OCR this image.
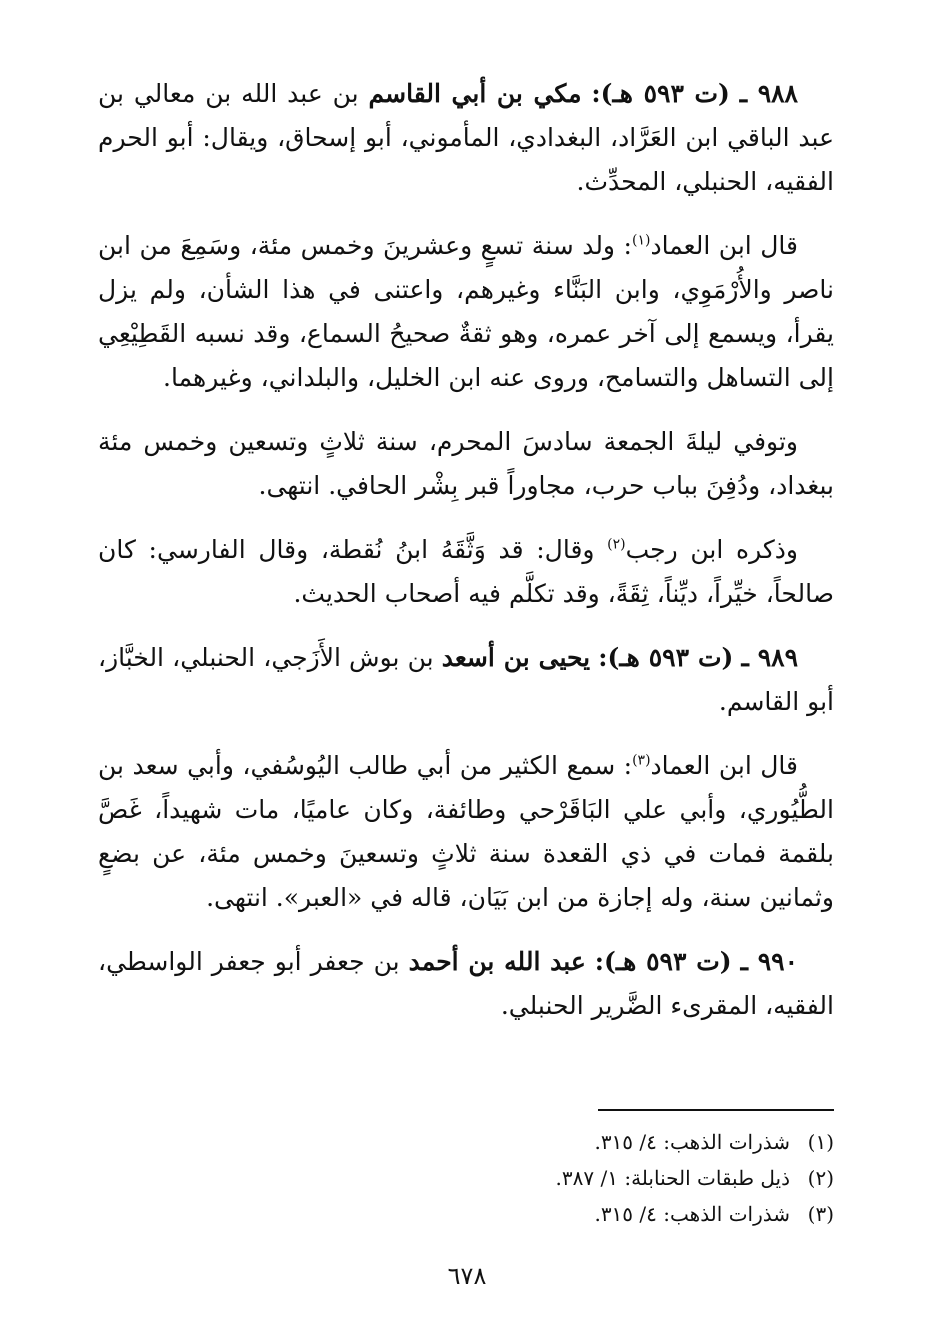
٩٨٨ ـ (ت ٥٩٣ هـ): مكي بن أبي القاسم بن عبد الله بن معالي بن عبد الباقي ابن العَرَّاد، البغدادي، المأموني، أبو إسحاق، ويقال: أبو الحرم الفقيه، الحنبلي، المحدِّث.

قال ابن العماد$^{(١)}$: ولد سنة تسعٍ وعشرينَ وخمس مئة، وسَمِعَ من ابن ناصر والأُرْمَوِي، وابن البَنَّاء وغيرهم، واعتنى في هذا الشأن، ولم يزل يقرأ، ويسمع إلى آخر عمره، وهو ثقةٌ صحيحُ السماع، وقد نسبه القَطِيْعِي إلى التساهل والتسامح، وروى عنه ابن الخليل، والبلداني، وغيرهما.

وتوفي ليلةَ الجمعة سادسَ المحرم، سنة ثلاثٍ وتسعين وخمس مئة ببغداد، ودُفِنَ بباب حرب، مجاوراً قبر بِشْر الحافي. انتهى.

وذكره ابن رجب$^{(٢)}$ وقال: قد وَثَّقَهُ ابنُ نُقطة، وقال الفارسي: كان صالحاً، خيِّراً، ديِّناً، ثِقَةً، وقد تكلَّم فيه أصحاب الحديث.

٩٨٩ ـ (ت ٥٩٣ هـ): يحيى بن أسعد بن بوش الأَزَجي، الحنبلي، الخبَّاز، أبو القاسم.

قال ابن العماد$^{(٣)}$: سمع الكثير من أبي طالب اليُوسُفي، وأبي سعد بن الطُّيُوري، وأبي علي البَاقَرْحي وطائفة، وكان عاميًا، مات شهيداً، غَصَّ بلقمة فمات في ذي القعدة سنة ثلاثٍ وتسعينَ وخمس مئة، عن بضعٍ وثمانين سنة، وله إجازة من ابن بَيَان، قاله في «العبر». انتهى.

٩٩٠ ـ (ت ٥٩٣ هـ): عبد الله بن أحمد بن جعفر أبو جعفر الواسطي، الفقيه، المقرىء الضَّرير الحنبلي.

(١)شذرات الذهب: ٤/ ٣١٥.
(٢)ذيل طبقات الحنابلة: ١/ ٣٨٧.
(٣)شذرات الذهب: ٤/ ٣١٥.
٦٧٨
